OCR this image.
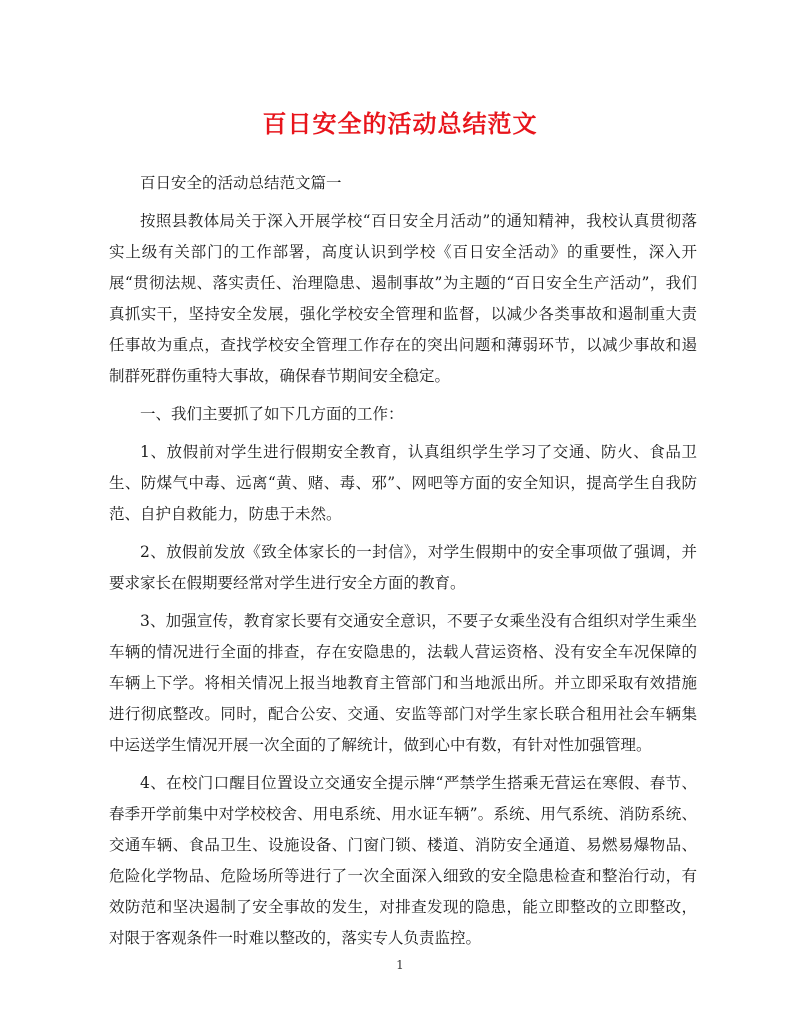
百日安全的活动总结范文

百日安全的活动总结范文篇一

按照县教体局关于深入开展学校“百日安全月活动”的通知精神，我校认真贯彻落实上级有关部门的工作部署，高度认识到学校《百日安全活动》的重要性，深入开展“贯彻法规、落实责任、治理隐患、遏制事故”为主题的“百日安全生产活动”，我们真抓实干，坚持安全发展，强化学校安全管理和监督，以减少各类事故和遏制重大责任事故为重点，查找学校安全管理工作存在的突出问题和薄弱环节，以减少事故和遏制群死群伤重特大事故，确保春节期间安全稳定。

一、我们主要抓了如下几方面的工作：

1、放假前对学生进行假期安全教育，认真组织学生学习了交通、防火、食品卫生、防煤气中毒、远离“黄、赌、毒、邪”、网吧等方面的安全知识，提高学生自我防范、自护自救能力，防患于未然。

2、放假前发放《致全体家长的一封信》，对学生假期中的安全事项做了强调，并要求家长在假期要经常对学生进行安全方面的教育。

3、加强宣传，教育家长要有交通安全意识，不要子女乘坐没有合组织对学生乘坐车辆的情况进行全面的排查，存在安隐患的，法载人营运资格、没有安全车况保障的车辆上下学。将相关情况上报当地教育主管部门和当地派出所。并立即采取有效措施进行彻底整改。同时，配合公安、交通、安监等部门对学生家长联合租用社会车辆集中运送学生情况开展一次全面的了解统计，做到心中有数，有针对性加强管理。

4、在校门口醒目位置设立交通安全提示牌“严禁学生搭乘无营运在寒假、春节、春季开学前集中对学校校舍、用电系统、用水证车辆”。系统、用气系统、消防系统、交通车辆、食品卫生、设施设备、门窗门锁、楼道、消防安全通道、易燃易爆物品、危险化学物品、危险场所等进行了一次全面深入细致的安全隐患检查和整治行动，有效防范和坚决遏制了安全事故的发生，对排查发现的隐患，能立即整改的立即整改，对限于客观条件一时难以整改的，落实专人负责监控。

1
